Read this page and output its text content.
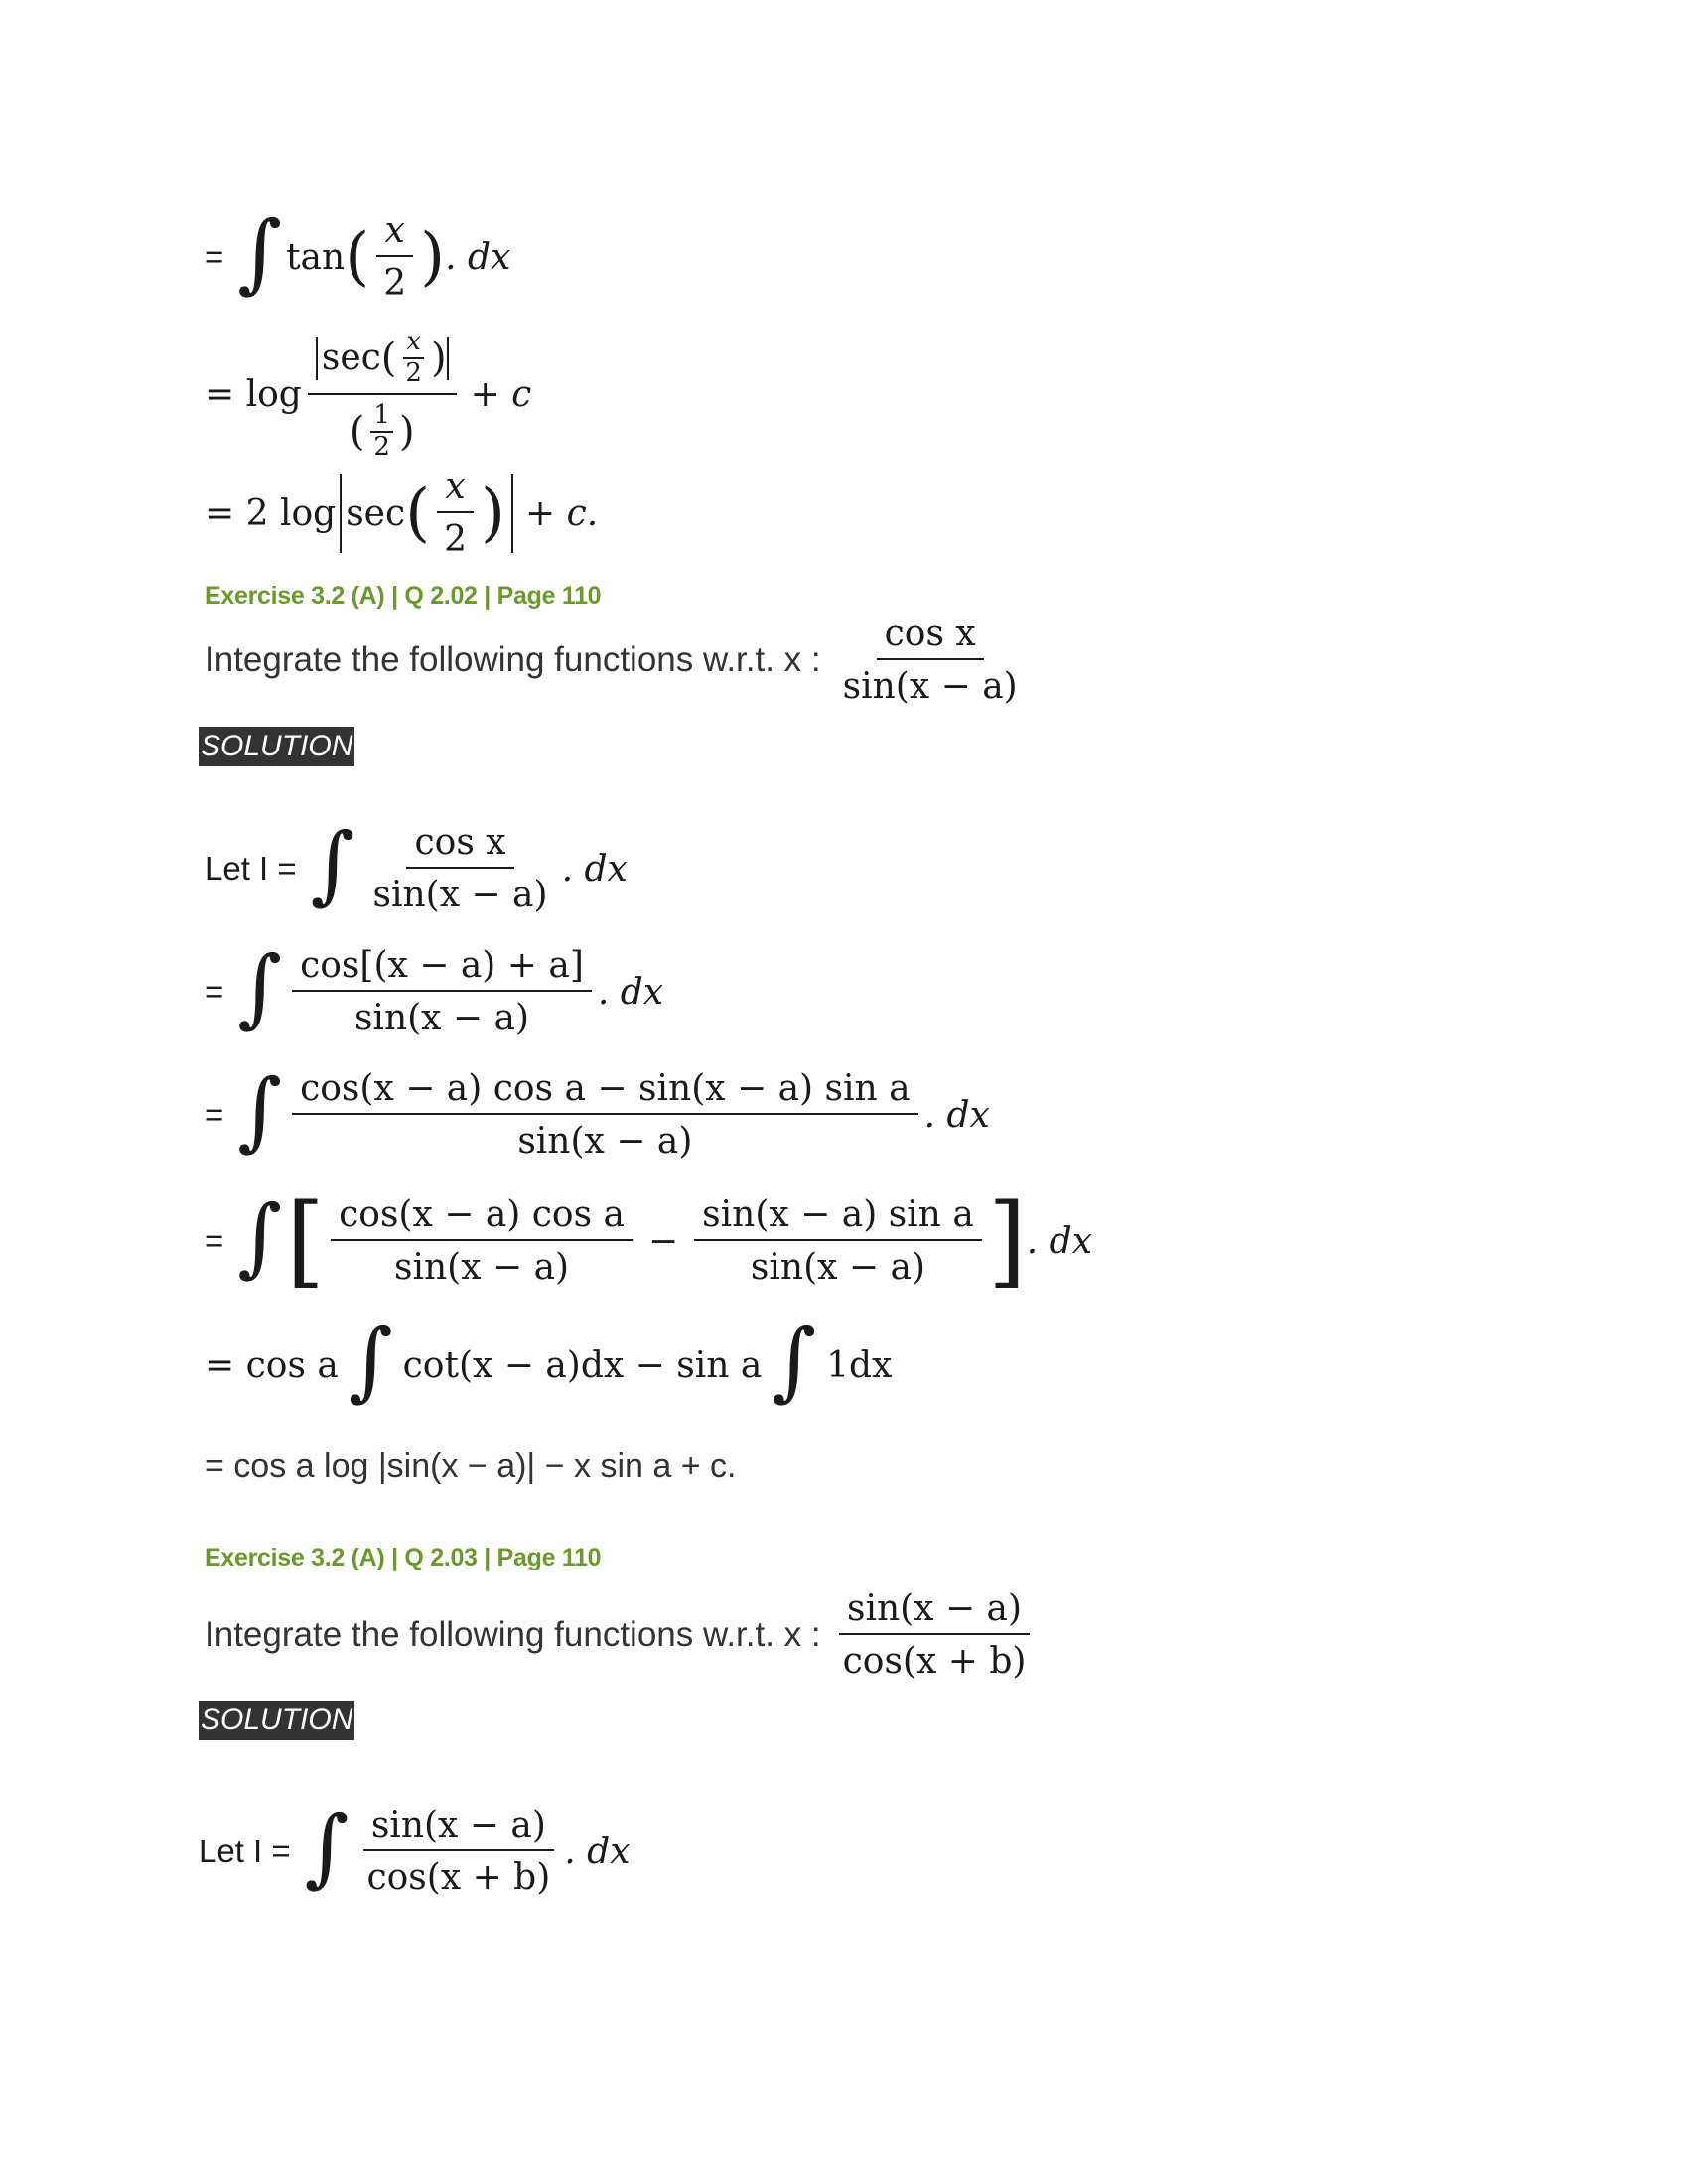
= ∫ tan ( $\frac{x}{2}$ ) . dx
= log
sec ( $\frac{x}{2}$ )
( $\frac{1}{2}$ )
+ c
= 2 log sec ( $\frac{x}{2}$ ) + c.
Exercise 3.2 (A) | Q 2.02 | Page 110
Integrate the following functions w.r.t. x : $\frac{\text{cos x}}{\sin(x - a)}$
SOLUTION
Let I = ∫ $\frac{\text{cos x}}{\sin(x - a)}$ . dx
= ∫ $\frac{\cos[(x - a) + a]}{\sin(x - a)}$ . dx
= ∫ $\frac{\text{cos(x − a) cos a − sin(x − a) sin a}}{\sin(x - a)}$ . dx
= ∫ [ $\frac{\text{cos(x − a) cos a}}{\sin(x - a)} - \frac{\text{sin(x − a) sin a}}{\sin(x - a)}$ ] . dx
= cos a ∫ cot(x − a)dx − sin a ∫ 1dx
= cos a log |sin(x − a)| − x sin a + c.
Exercise 3.2 (A) | Q 2.03 | Page 110
Integrate the following functions w.r.t. x : $\frac{\sin(x - a)}{\cos(x + b)}$
SOLUTION
Let I = ∫ $\frac{\sin(x - a)}{\cos(x + b)}$ . dx
